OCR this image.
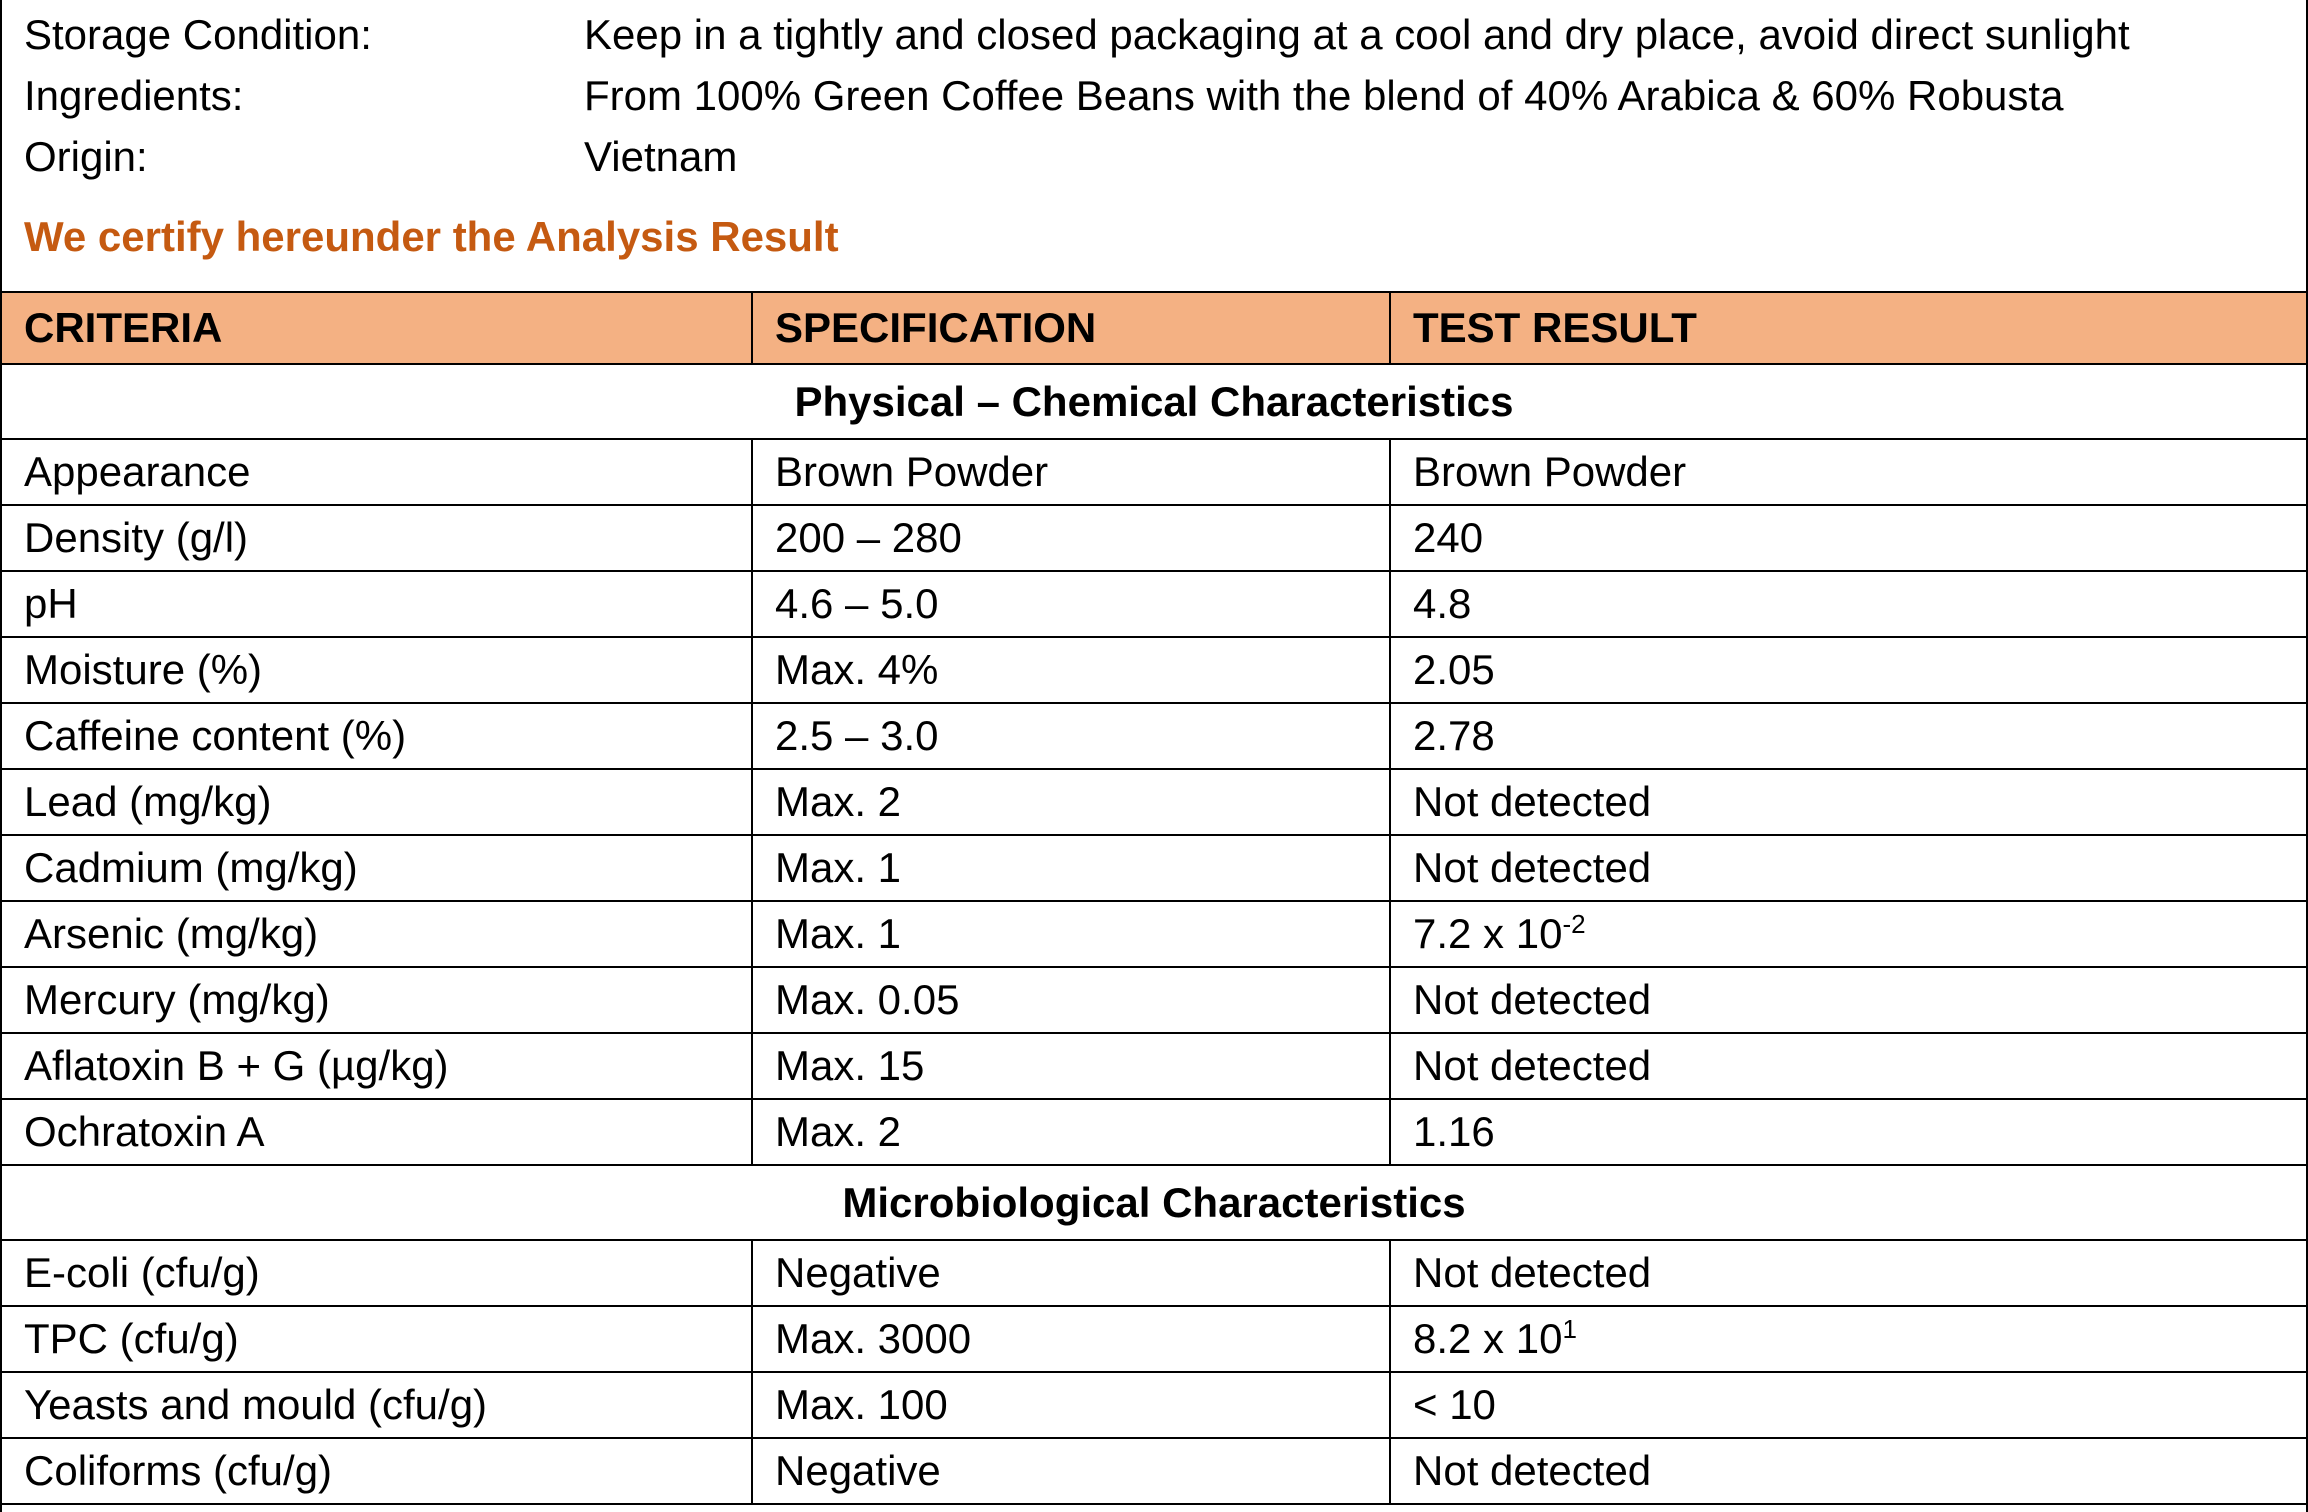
Storage Condition:	Keep in a tightly and closed packaging at a cool and dry place, avoid direct sunlight
Ingredients:	From 100% Green Coffee Beans with the blend of 40% Arabica & 60% Robusta
Origin:	Vietnam
We certify hereunder the Analysis Result
CRITERIA	SPECIFICATION	TEST RESULT
Physical – Chemical Characteristics		
Appearance	Brown Powder	Brown Powder
Density (g/l)	200 – 280	240
pH	4.6 – 5.0	4.8
Moisture (%)	Max. 4%	2.05
Caffeine content (%)	2.5 – 3.0	2.78
Lead (mg/kg)	Max. 2	Not detected
Cadmium (mg/kg)	Max. 1	Not detected
Arsenic (mg/kg)	Max. 1	7.2 x $10^{-2}$
Mercury (mg/kg)	Max. 0.05	Not detected
Aflatoxin B + G (µg/kg)	Max. 15	Not detected
Ochratoxin A	Max. 2	1.16
Microbiological Characteristics		
E-coli (cfu/g)	Negative	Not detected
TPC (cfu/g)	Max. 3000	8.2 x $10^1$
Yeasts and mould (cfu/g)	Max. 100	< 10
Coliforms (cfu/g)	Negative	Not detected
